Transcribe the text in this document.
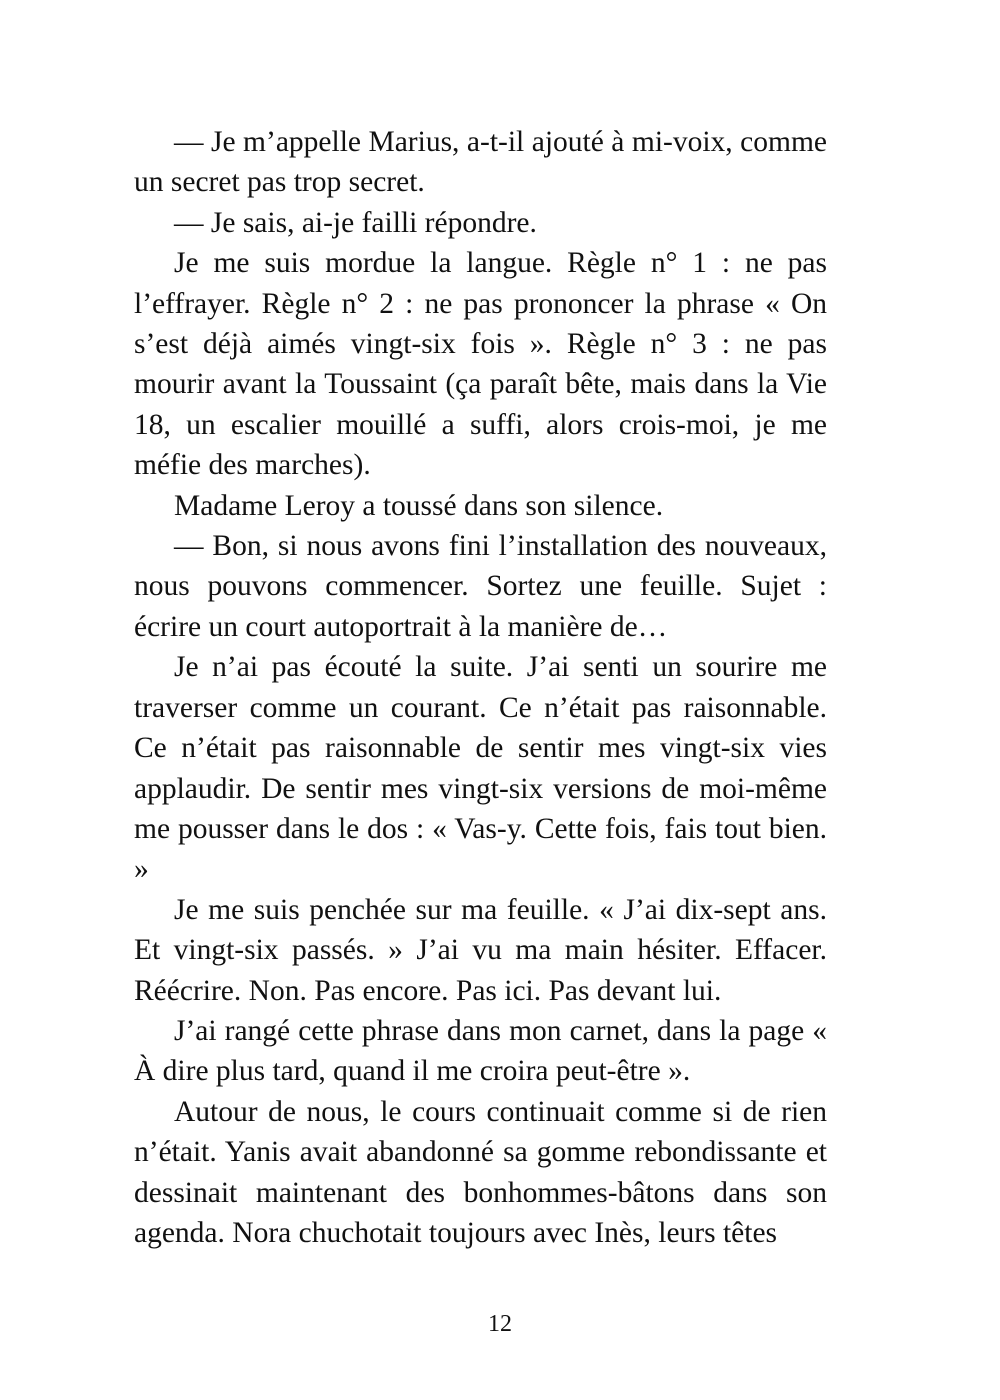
— Je m’appelle Marius, a-t-il ajouté à mi-voix, comme un secret pas trop secret.

— Je sais, ai-je failli répondre.

Je me suis mordue la langue. Règle n° 1 : ne pas l’effrayer. Règle n° 2 : ne pas prononcer la phrase « On s’est déjà aimés vingt-six fois ». Règle n° 3 : ne pas mourir avant la Toussaint (ça paraît bête, mais dans la Vie 18, un escalier mouillé a suffi, alors crois-moi, je me méfie des marches).

Madame Leroy a toussé dans son silence.

— Bon, si nous avons fini l’installation des nouveaux, nous pouvons commencer. Sortez une feuille. Sujet : écrire un court autoportrait à la manière de…

Je n’ai pas écouté la suite. J’ai senti un sourire me traverser comme un courant. Ce n’était pas raisonnable. Ce n’était pas raisonnable de sentir mes vingt-six vies applaudir. De sentir mes vingt-six versions de moi-même me pousser dans le dos : « Vas-y. Cette fois, fais tout bien. »

Je me suis penchée sur ma feuille. « J’ai dix-sept ans. Et vingt-six passés. » J’ai vu ma main hésiter. Effacer. Réécrire. Non. Pas encore. Pas ici. Pas devant lui.

J’ai rangé cette phrase dans mon carnet, dans la page « À dire plus tard, quand il me croira peut-être ».

Autour de nous, le cours continuait comme si de rien n’était. Yanis avait abandonné sa gomme rebondissante et dessinait maintenant des bonhommes-bâtons dans son agenda. Nora chuchotait toujours avec Inès, leurs têtes

12
